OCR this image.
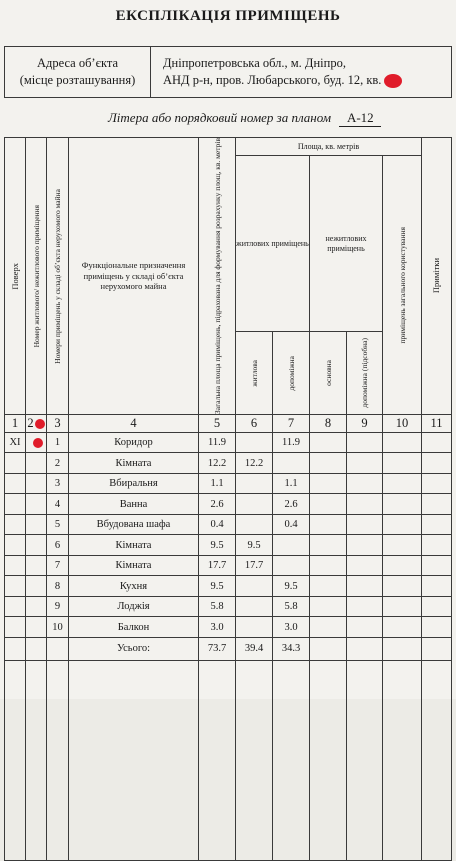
ЕКСПЛІКАЦІЯ ПРИМІЩЕНЬ
Адреса об’єкта
(місце розташування)
Дніпропетровська обл., м. Дніпро,
АНД р-н, пров. Любарського, буд. 12, кв.
Літера або порядковий номер за планом А-12
Поверх	Номер житлового/ нежитлового приміщення	Номери приміщень у складі об’єкта нерухомого майна	Функціональне призначення приміщень у складі об’єкта нерухомого майна	Загальна площа приміщень, підрахована для формування розрахунку площ, кв. метрів	Площа, кв. метрів					Примітки

					житлових приміщень		нежитлових приміщень		приміщень загального користування	

					житлова	допоміжна	основна	допоміжна (підсобна)		

1	2	3	4	5	6	7	8	9	10	11
XI		1	Коридор	11.9		11.9				
		2	Кімната	12.2	12.2					
		3	Вбиральня	1.1		1.1				
		4	Ванна	2.6		2.6				
		5	Вбудована шафа	0.4		0.4				
		6	Кімната	9.5	9.5					
		7	Кімната	17.7	17.7					
		8	Кухня	9.5		9.5				
		9	Лоджія	5.8		5.8				
		10	Балкон	3.0		3.0				
			Усього:	73.7	39.4	34.3				
